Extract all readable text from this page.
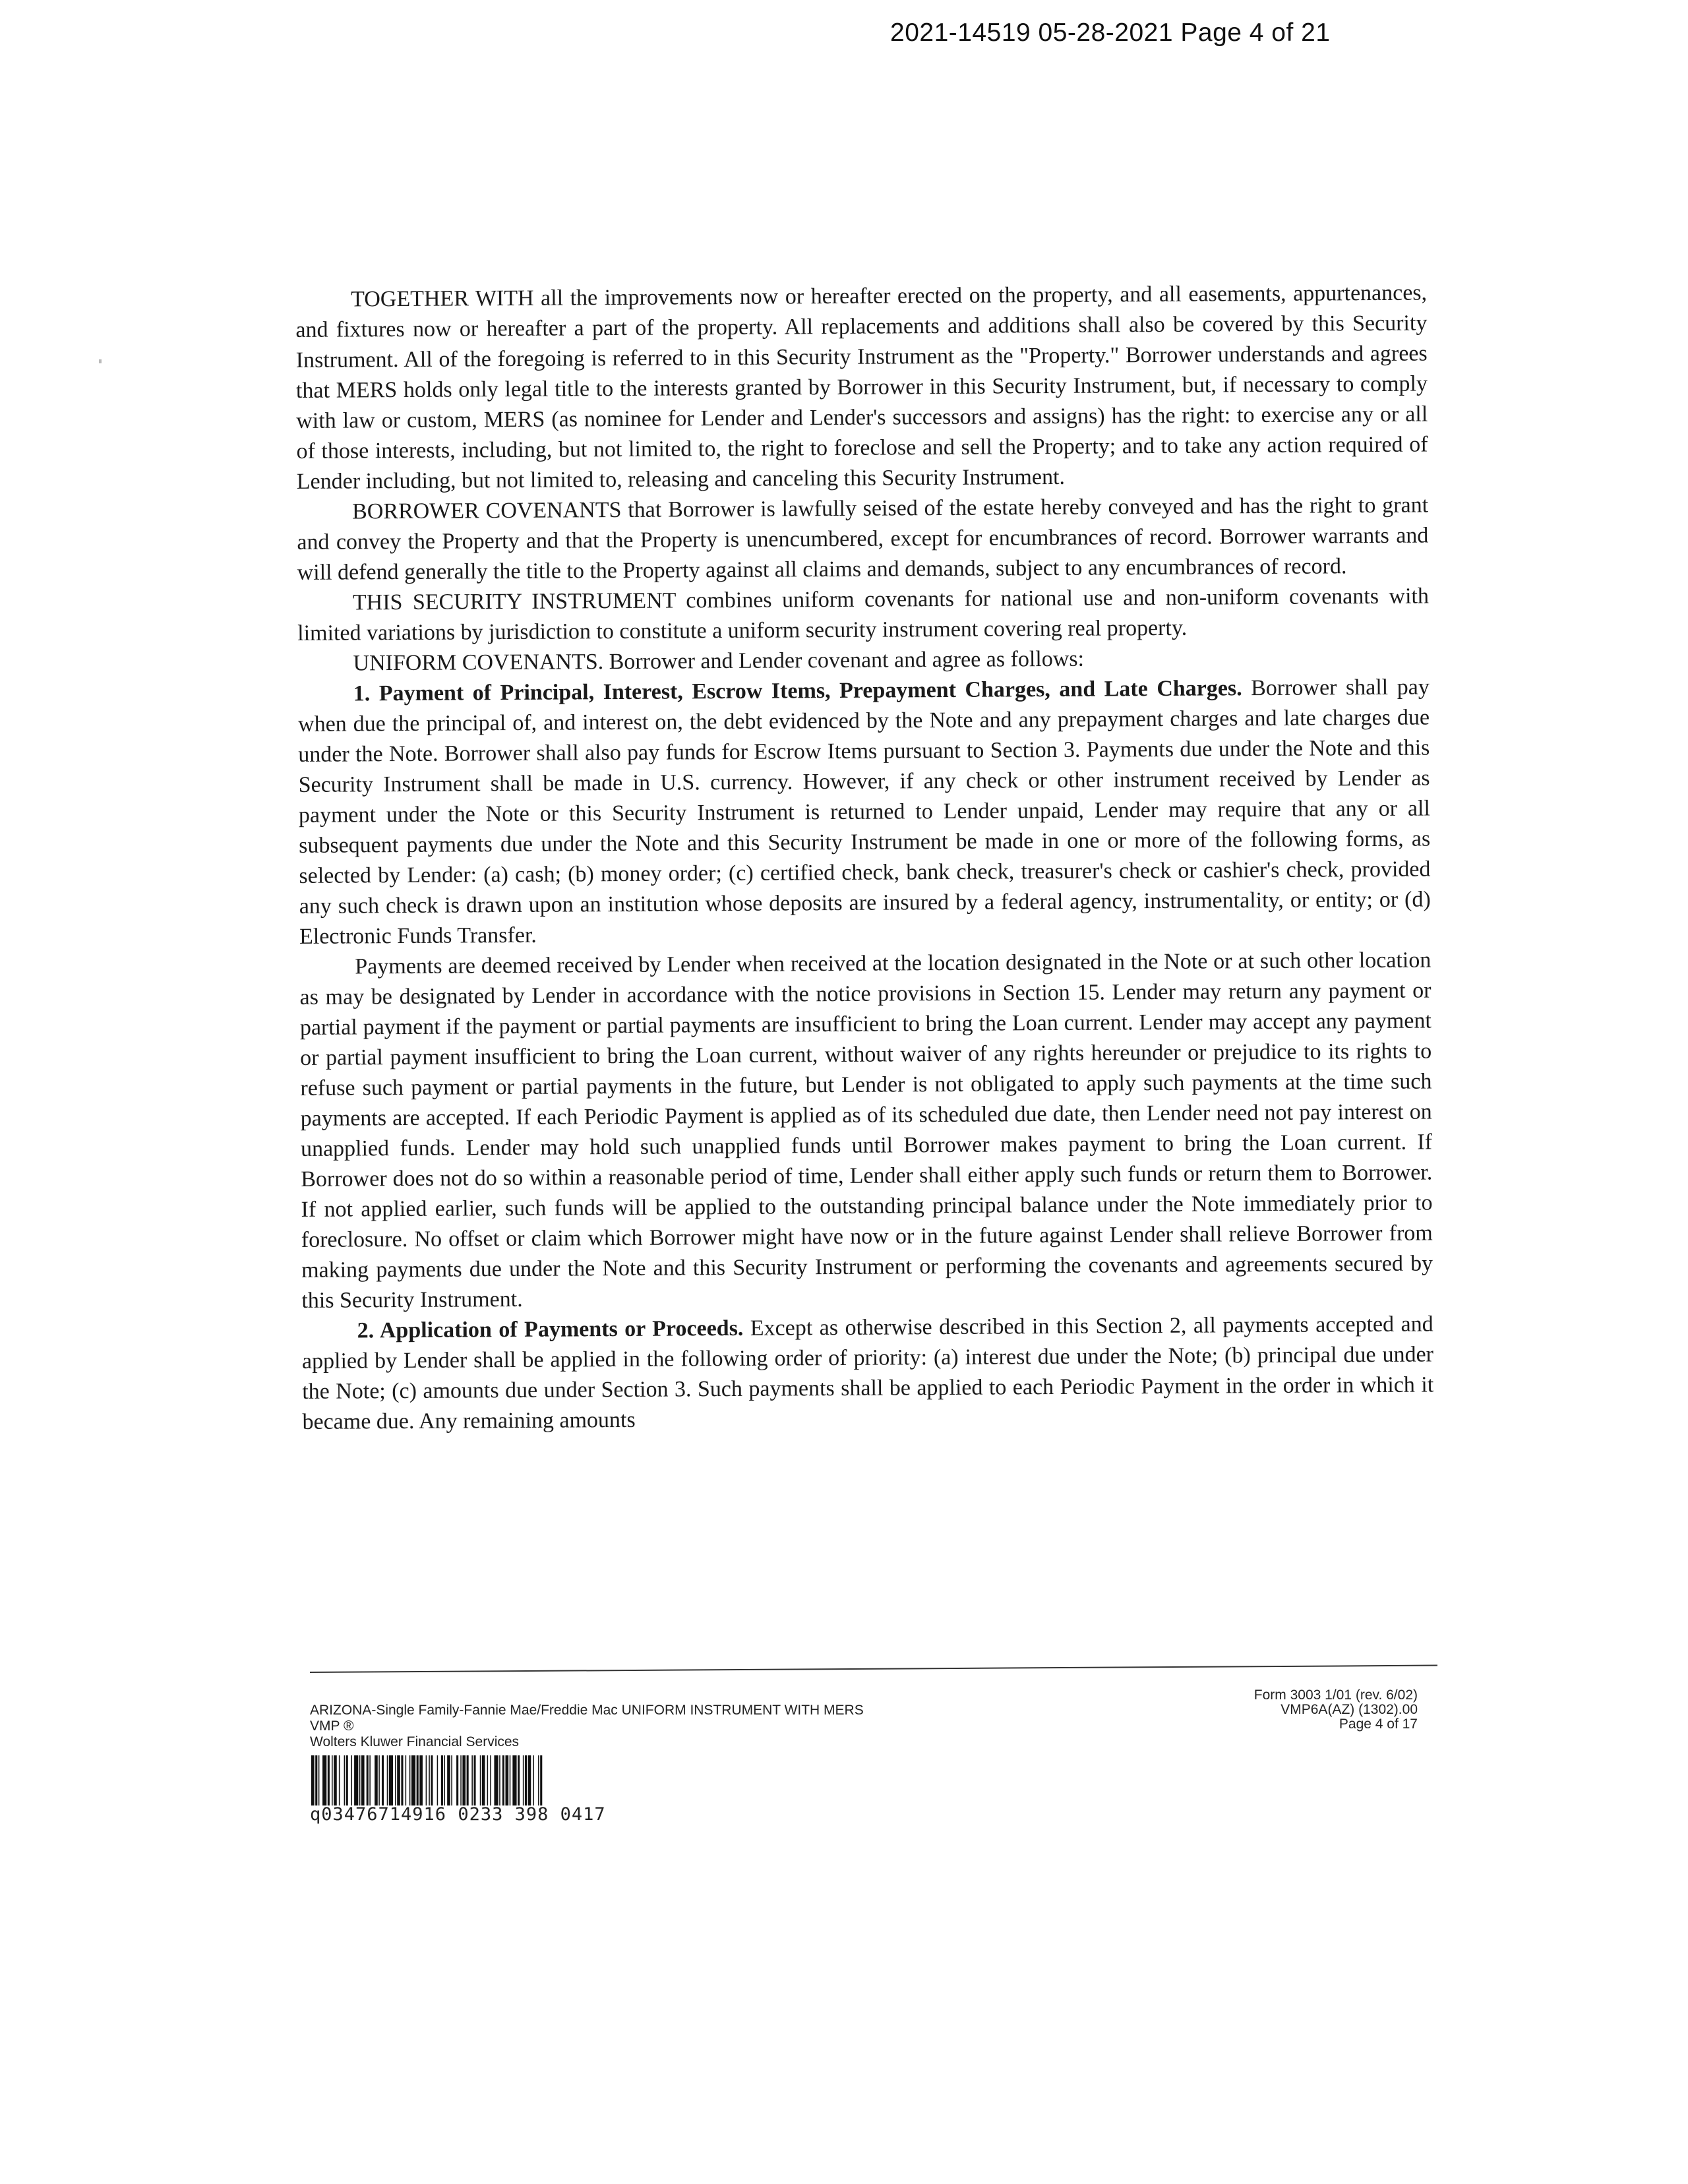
2021-14519 05-28-2021 Page 4 of 21

TOGETHER WITH all the improvements now or hereafter erected on the property, and all easements, appurtenances, and fixtures now or hereafter a part of the property. All replacements and additions shall also be covered by this Security Instrument. All of the foregoing is referred to in this Security Instrument as the "Property." Borrower understands and agrees that MERS holds only legal title to the interests granted by Borrower in this Security Instrument, but, if necessary to comply with law or custom, MERS (as nominee for Lender and Lender's successors and assigns) has the right: to exercise any or all of those interests, including, but not limited to, the right to foreclose and sell the Property; and to take any action required of Lender including, but not limited to, releasing and canceling this Security Instrument.

BORROWER COVENANTS that Borrower is lawfully seised of the estate hereby conveyed and has the right to grant and convey the Property and that the Property is unencumbered, except for encumbrances of record. Borrower warrants and will defend generally the title to the Property against all claims and demands, subject to any encumbrances of record.

THIS SECURITY INSTRUMENT combines uniform covenants for national use and non-uniform covenants with limited variations by jurisdiction to constitute a uniform security instrument covering real property.

UNIFORM COVENANTS. Borrower and Lender covenant and agree as follows:

1. Payment of Principal, Interest, Escrow Items, Prepayment Charges, and Late Charges. Borrower shall pay when due the principal of, and interest on, the debt evidenced by the Note and any prepayment charges and late charges due under the Note. Borrower shall also pay funds for Escrow Items pursuant to Section 3. Payments due under the Note and this Security Instrument shall be made in U.S. currency. However, if any check or other instrument received by Lender as payment under the Note or this Security Instrument is returned to Lender unpaid, Lender may require that any or all subsequent payments due under the Note and this Security Instrument be made in one or more of the following forms, as selected by Lender: (a) cash; (b) money order; (c) certified check, bank check, treasurer's check or cashier's check, provided any such check is drawn upon an institution whose deposits are insured by a federal agency, instrumentality, or entity; or (d) Electronic Funds Transfer.

Payments are deemed received by Lender when received at the location designated in the Note or at such other location as may be designated by Lender in accordance with the notice provisions in Section 15. Lender may return any payment or partial payment if the payment or partial payments are insufficient to bring the Loan current. Lender may accept any payment or partial payment insufficient to bring the Loan current, without waiver of any rights hereunder or prejudice to its rights to refuse such payment or partial payments in the future, but Lender is not obligated to apply such payments at the time such payments are accepted. If each Periodic Payment is applied as of its scheduled due date, then Lender need not pay interest on unapplied funds. Lender may hold such unapplied funds until Borrower makes payment to bring the Loan current. If Borrower does not do so within a reasonable period of time, Lender shall either apply such funds or return them to Borrower. If not applied earlier, such funds will be applied to the outstanding principal balance under the Note immediately prior to foreclosure. No offset or claim which Borrower might have now or in the future against Lender shall relieve Borrower from making payments due under the Note and this Security Instrument or performing the covenants and agreements secured by this Security Instrument.

2. Application of Payments or Proceeds. Except as otherwise described in this Section 2, all payments accepted and applied by Lender shall be applied in the following order of priority: (a) interest due under the Note; (b) principal due under the Note; (c) amounts due under Section 3. Such payments shall be applied to each Periodic Payment in the order in which it became due. Any remaining amounts

ARIZONA-Single Family-Fannie Mae/Freddie Mac UNIFORM INSTRUMENT WITH MERS
VMP ®
Wolters Kluwer Financial Services
Form 3003 1/01 (rev. 6/02)
VMP6A(AZ) (1302).00
Page 4 of 17
q03476714916 0233 398 0417
